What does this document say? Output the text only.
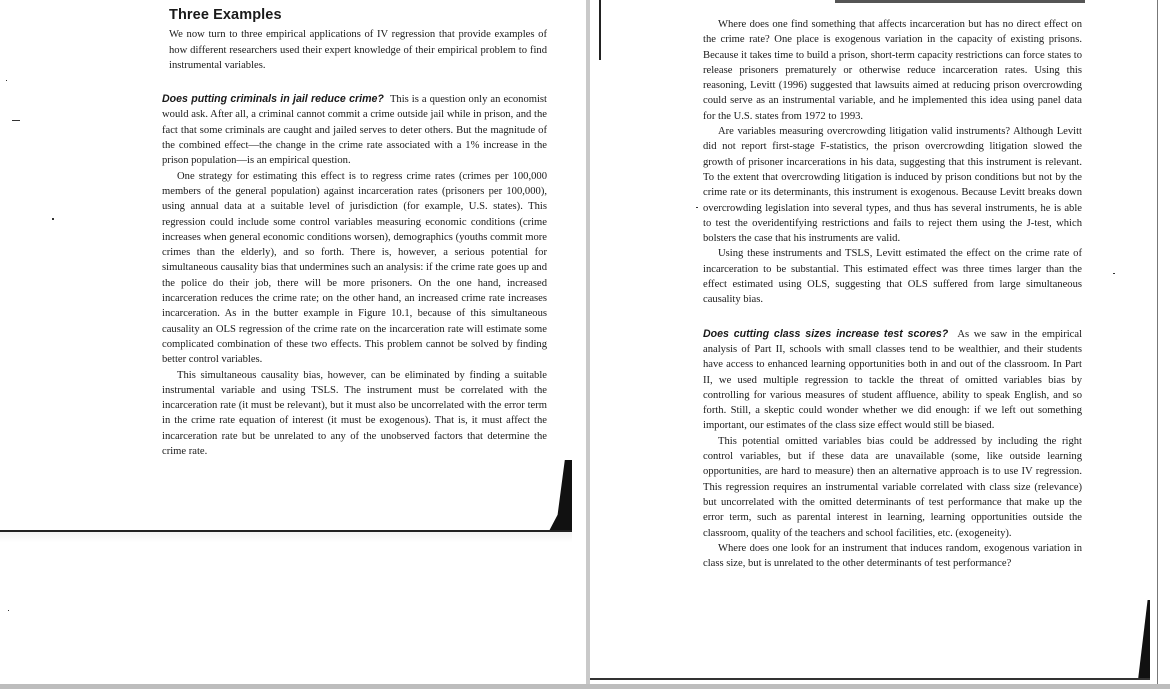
Three Examples

We now turn to three empirical applications of IV regression that provide examples of how different researchers used their expert knowledge of their empirical problem to find instrumental variables.

Does putting criminals in jail reduce crime? This is a question only an economist would ask. After all, a criminal cannot commit a crime outside jail while in prison, and the fact that some criminals are caught and jailed serves to deter others. But the magnitude of the combined effect—the change in the crime rate associated with a 1% increase in the prison population—is an empirical question.

One strategy for estimating this effect is to regress crime rates (crimes per 100,000 members of the general population) against incarceration rates (prisoners per 100,000), using annual data at a suitable level of jurisdiction (for example, U.S. states). This regression could include some control variables measuring economic conditions (crime increases when general economic conditions worsen), demographics (youths commit more crimes than the elderly), and so forth. There is, however, a serious potential for simultaneous causality bias that undermines such an analysis: if the crime rate goes up and the police do their job, there will be more prisoners. On the one hand, increased incarceration reduces the crime rate; on the other hand, an increased crime rate increases incarceration. As in the butter example in Figure 10.1, because of this simultaneous causality an OLS regression of the crime rate on the incarceration rate will estimate some complicated combination of these two effects. This problem cannot be solved by finding better control variables.

This simultaneous causality bias, however, can be eliminated by finding a suitable instrumental variable and using TSLS. The instrument must be correlated with the incarceration rate (it must be relevant), but it must also be uncorrelated with the error term in the crime rate equation of interest (it must be exogenous). That is, it must affect the incarceration rate but be unrelated to any of the unobserved factors that determine the crime rate.

Where does one find something that affects incarceration but has no direct effect on the crime rate? One place is exogenous variation in the capacity of existing prisons. Because it takes time to build a prison, short-term capacity restrictions can force states to release prisoners prematurely or otherwise reduce incarceration rates. Using this reasoning, Levitt (1996) suggested that lawsuits aimed at reducing prison overcrowding could serve as an instrumental variable, and he implemented this idea using panel data for the U.S. states from 1972 to 1993.

Are variables measuring overcrowding litigation valid instruments? Although Levitt did not report first-stage F-statistics, the prison overcrowding litigation slowed the growth of prisoner incarcerations in his data, suggesting that this instrument is relevant. To the extent that overcrowding litigation is induced by prison conditions but not by the crime rate or its determinants, this instrument is exogenous. Because Levitt breaks down overcrowding legislation into several types, and thus has several instruments, he is able to test the overidentifying restrictions and fails to reject them using the J-test, which bolsters the case that his instruments are valid.

Using these instruments and TSLS, Levitt estimated the effect on the crime rate of incarceration to be substantial. This estimated effect was three times larger than the effect estimated using OLS, suggesting that OLS suffered from large simultaneous causality bias.

Does cutting class sizes increase test scores? As we saw in the empirical analysis of Part II, schools with small classes tend to be wealthier, and their students have access to enhanced learning opportunities both in and out of the classroom. In Part II, we used multiple regression to tackle the threat of omitted variables bias by controlling for various measures of student affluence, ability to speak English, and so forth. Still, a skeptic could wonder whether we did enough: if we left out something important, our estimates of the class size effect would still be biased.

This potential omitted variables bias could be addressed by including the right control variables, but if these data are unavailable (some, like outside learning opportunities, are hard to measure) then an alternative approach is to use IV regression. This regression requires an instrumental variable correlated with class size (relevance) but uncorrelated with the omitted determinants of test performance that make up the error term, such as parental interest in learning, learning opportunities outside the classroom, quality of the teachers and school facilities, etc. (exogeneity).

Where does one look for an instrument that induces random, exogenous variation in class size, but is unrelated to the other determinants of test performance?
